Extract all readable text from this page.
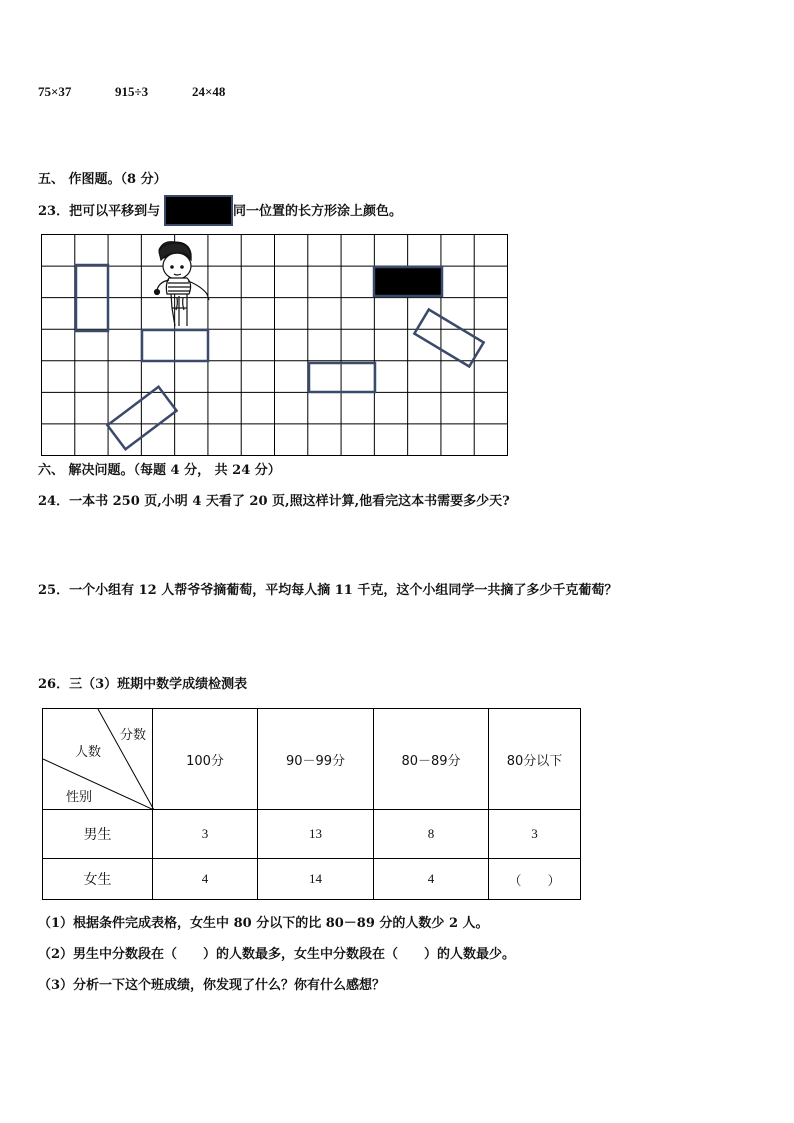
75×37	915÷3	24×48
五、 作图题。（8 分）
23．把可以平移到与	同一位置的长方形涂上颜色。
六、 解决问题。（每题 4 分， 共 24 分）
24．一本书 250 页,小明 4 天看了 20 页,照这样计算,他看完这本书需要多少天?
25．一个小组有 12 人帮爷爷摘葡萄，平均每人摘 11 千克，这个小组同学一共摘了多少千克葡萄？
26．三（3）班期中数学成绩检测表
分数
人数
性别	100分	90－99分	80－89分	80分以下
男生	3	13	8	3
女生	4	14	4	（　　）
（1）根据条件完成表格，女生中 80 分以下的比 80－89 分的人数少 2 人。
（2）男生中分数段在（　　）的人数最多，女生中分数段在（　　）的人数最少。
（3）分析一下这个班成绩，你发现了什么？你有什么感想？
